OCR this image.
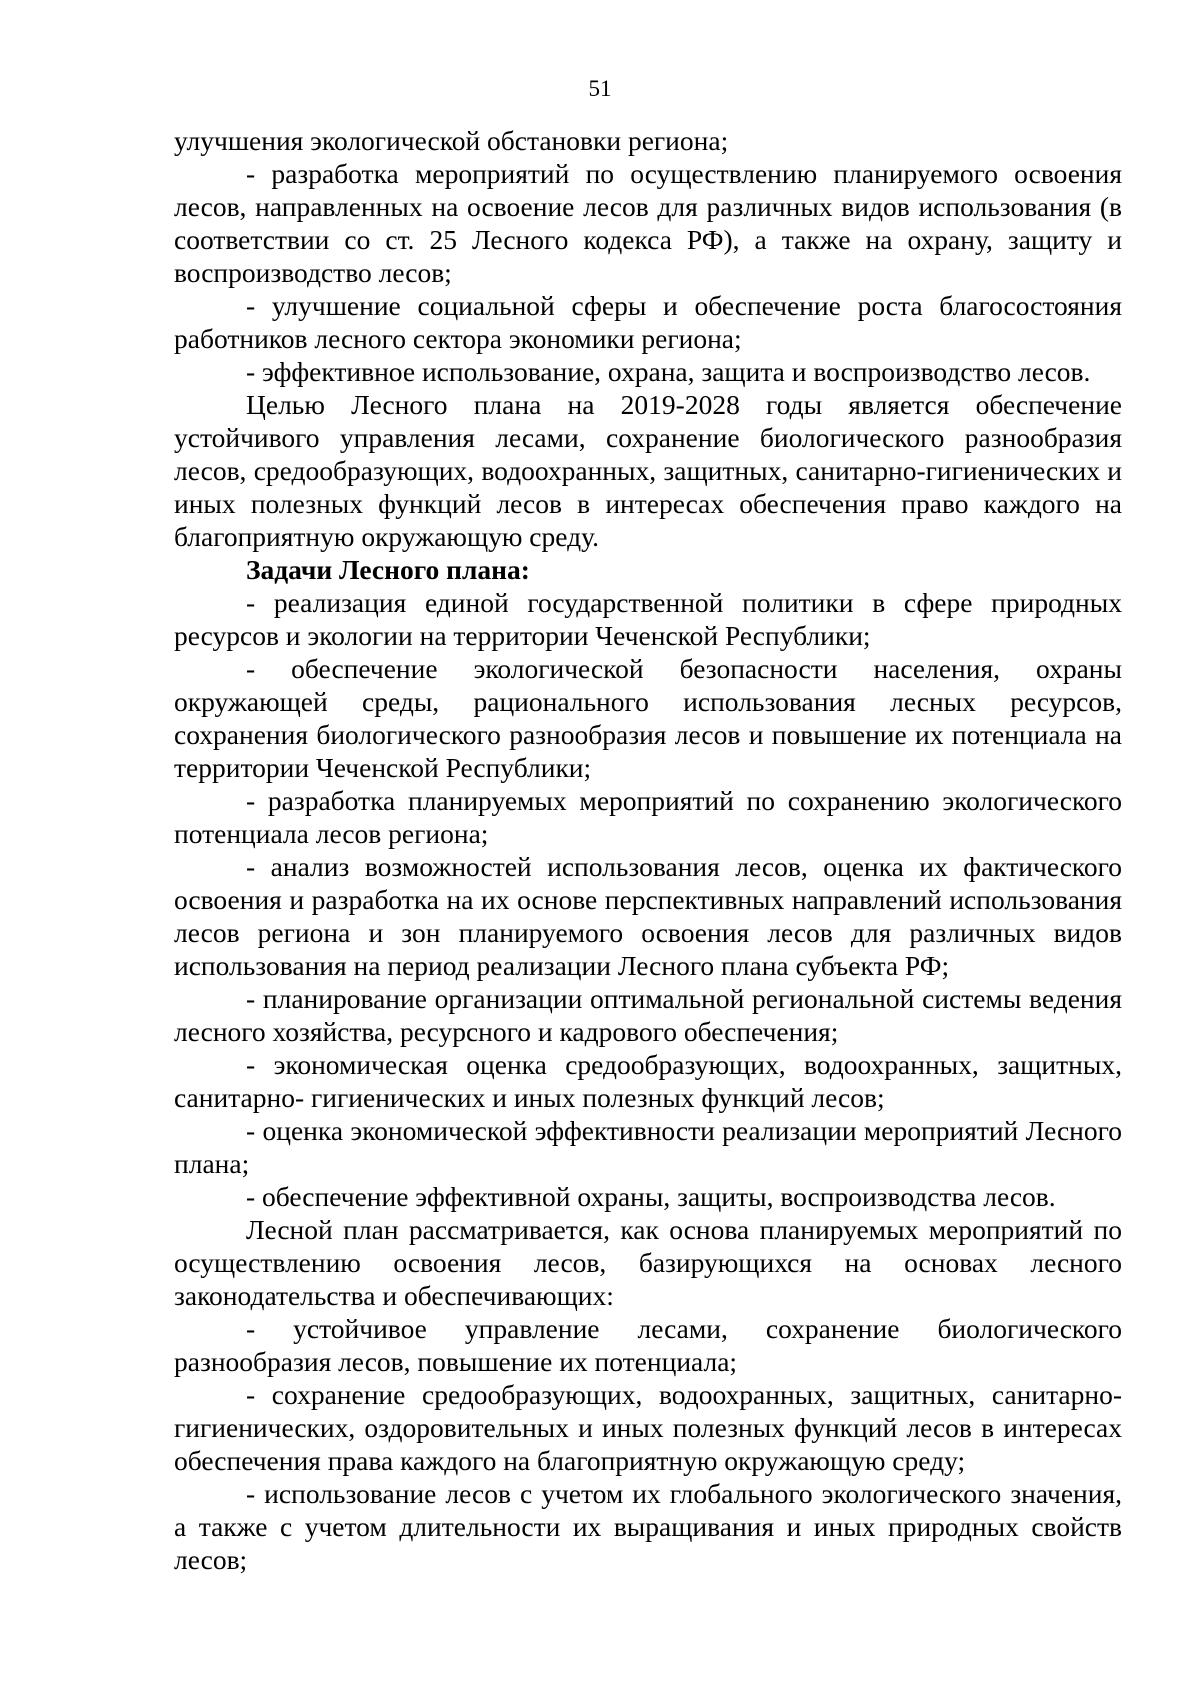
51

улучшения экологической обстановки региона;

- разработка мероприятий по осуществлению планируемого освоения лесов, направленных на освоение лесов для различных видов использования (в соответствии со ст. 25 Лесного кодекса РФ), а также на охрану, защиту и воспроизводство лесов;

- улучшение социальной сферы и обеспечение роста благосостояния работников лесного сектора экономики региона;

- эффективное использование, охрана, защита и воспроизводство лесов.

Целью Лесного плана на 2019-2028 годы является обеспечение устойчивого управления лесами, сохранение биологического разнообразия лесов, средообразующих, водоохранных, защитных, санитарно-гигиенических и иных полезных функций лесов в интересах обеспечения право каждого на благоприятную окружающую среду.

Задачи Лесного плана:

- реализация единой государственной политики в сфере природных ресурсов и экологии на территории Чеченской Республики;

- обеспечение экологической безопасности населения, охраны окружающей среды, рационального использования лесных ресурсов, сохранения биологического разнообразия лесов и повышение их потенциала на территории Чеченской Республики;

- разработка планируемых мероприятий по сохранению экологического потенциала лесов региона;

- анализ возможностей использования лесов, оценка их фактического освоения и разработка на их основе перспективных направлений использования лесов региона и зон планируемого освоения лесов для различных видов использования на период реализации Лесного плана субъекта РФ;

- планирование организации оптимальной региональной системы ведения лесного хозяйства, ресурсного и кадрового обеспечения;

- экономическая оценка средообразующих, водоохранных, защитных, санитарно- гигиенических и иных полезных функций лесов;

- оценка экономической эффективности реализации мероприятий Лесного плана;

- обеспечение эффективной охраны, защиты, воспроизводства лесов.

Лесной план рассматривается, как основа планируемых мероприятий по осуществлению освоения лесов, базирующихся на основах лесного законодательства и обеспечивающих:

- устойчивое управление лесами, сохранение биологического разнообразия лесов, повышение их потенциала;

- сохранение средообразующих, водоохранных, защитных, санитарно-гигиенических, оздоровительных и иных полезных функций лесов в интересах обеспечения права каждого на благоприятную окружающую среду;

- использование лесов с учетом их глобального экологического значения, а также с учетом длительности их выращивания и иных природных свойств лесов;
